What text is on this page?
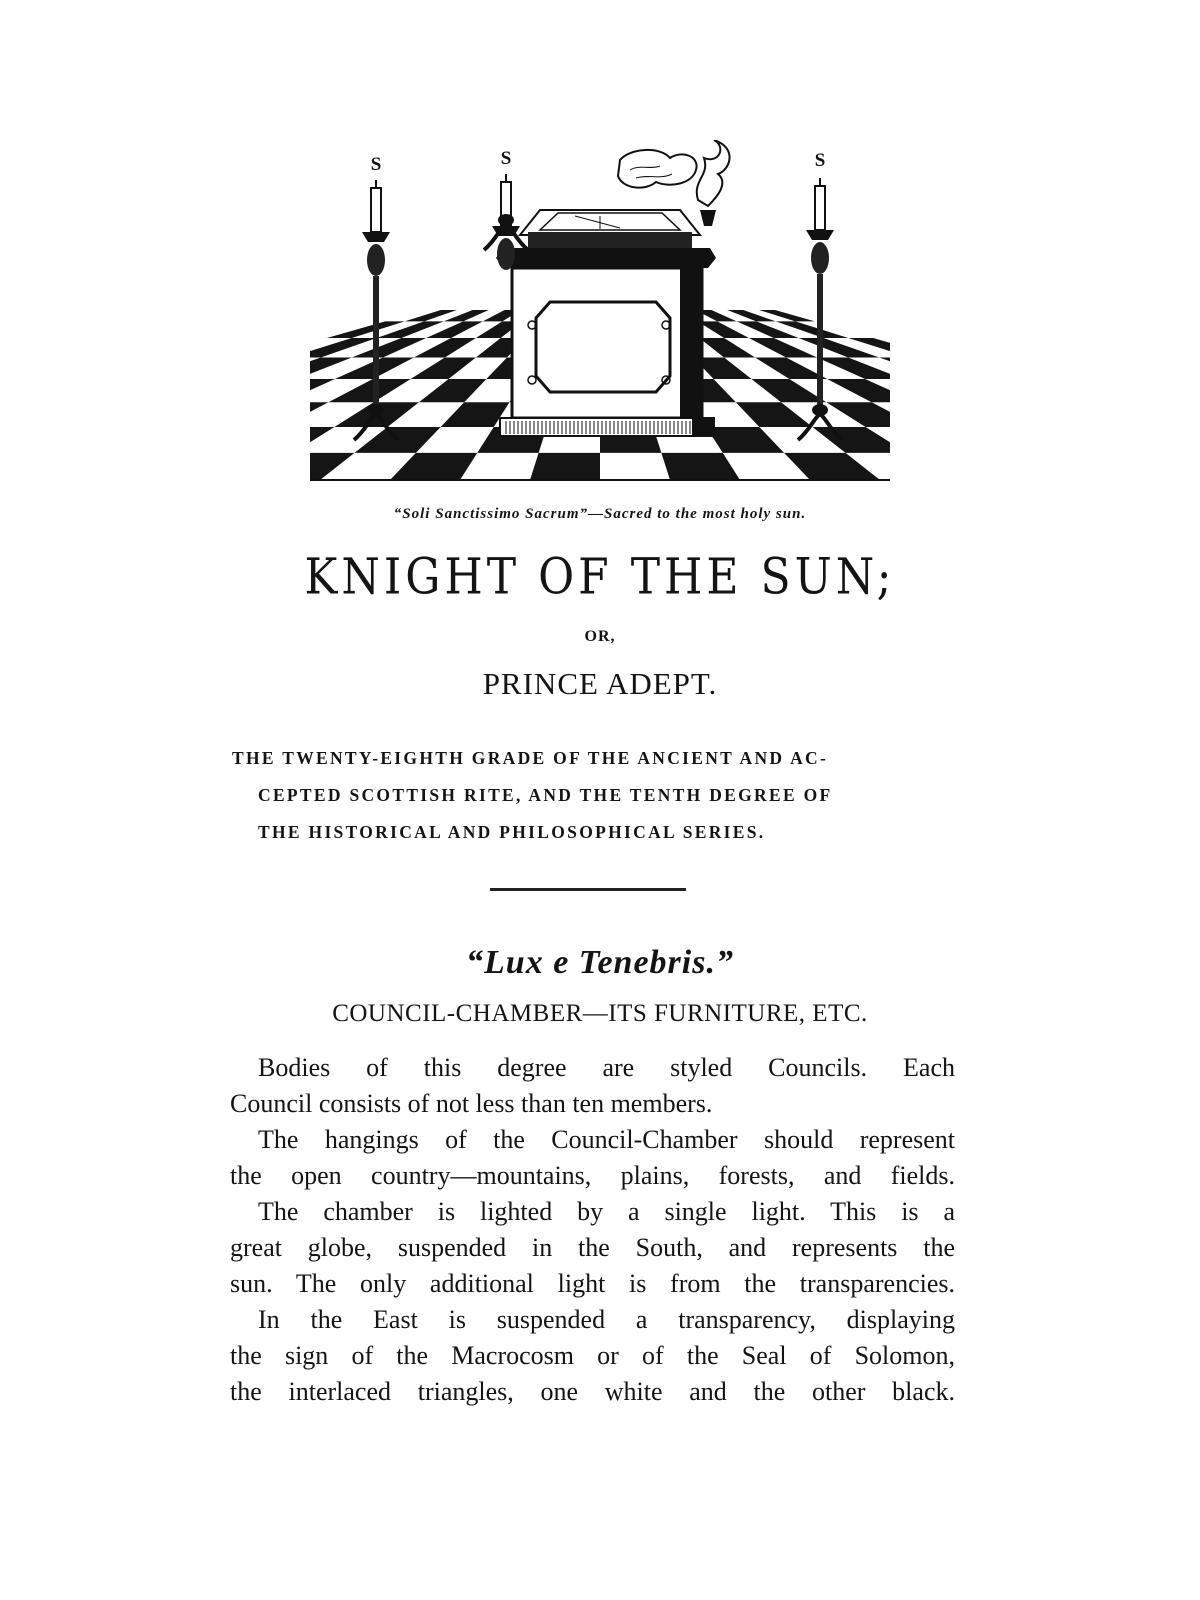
S	S	S
“Soli Sanctissimo Sacrum”—Sacred to the most holy sun.
KNIGHT OF THE SUN;
OR,
PRINCE ADEPT.
THE TWENTY-EIGHTH GRADE OF THE ANCIENT AND AC-
CEPTED SCOTTISH RITE, AND THE TENTH DEGREE OF
THE HISTORICAL AND PHILOSOPHICAL SERIES.
“Lux e Tenebris.”
COUNCIL-CHAMBER—ITS FURNITURE, ETC.
Bodies of this degree are styled Councils. Each
Council consists of not less than ten members.
The hangings of the Council-Chamber should represent
the open country—mountains, plains, forests, and fields.
The chamber is lighted by a single light. This is a
great globe, suspended in the South, and represents the
sun. The only additional light is from the transparencies.
In the East is suspended a transparency, displaying
the sign of the Macrocosm or of the Seal of Solomon,
the interlaced triangles, one white and the other black.
